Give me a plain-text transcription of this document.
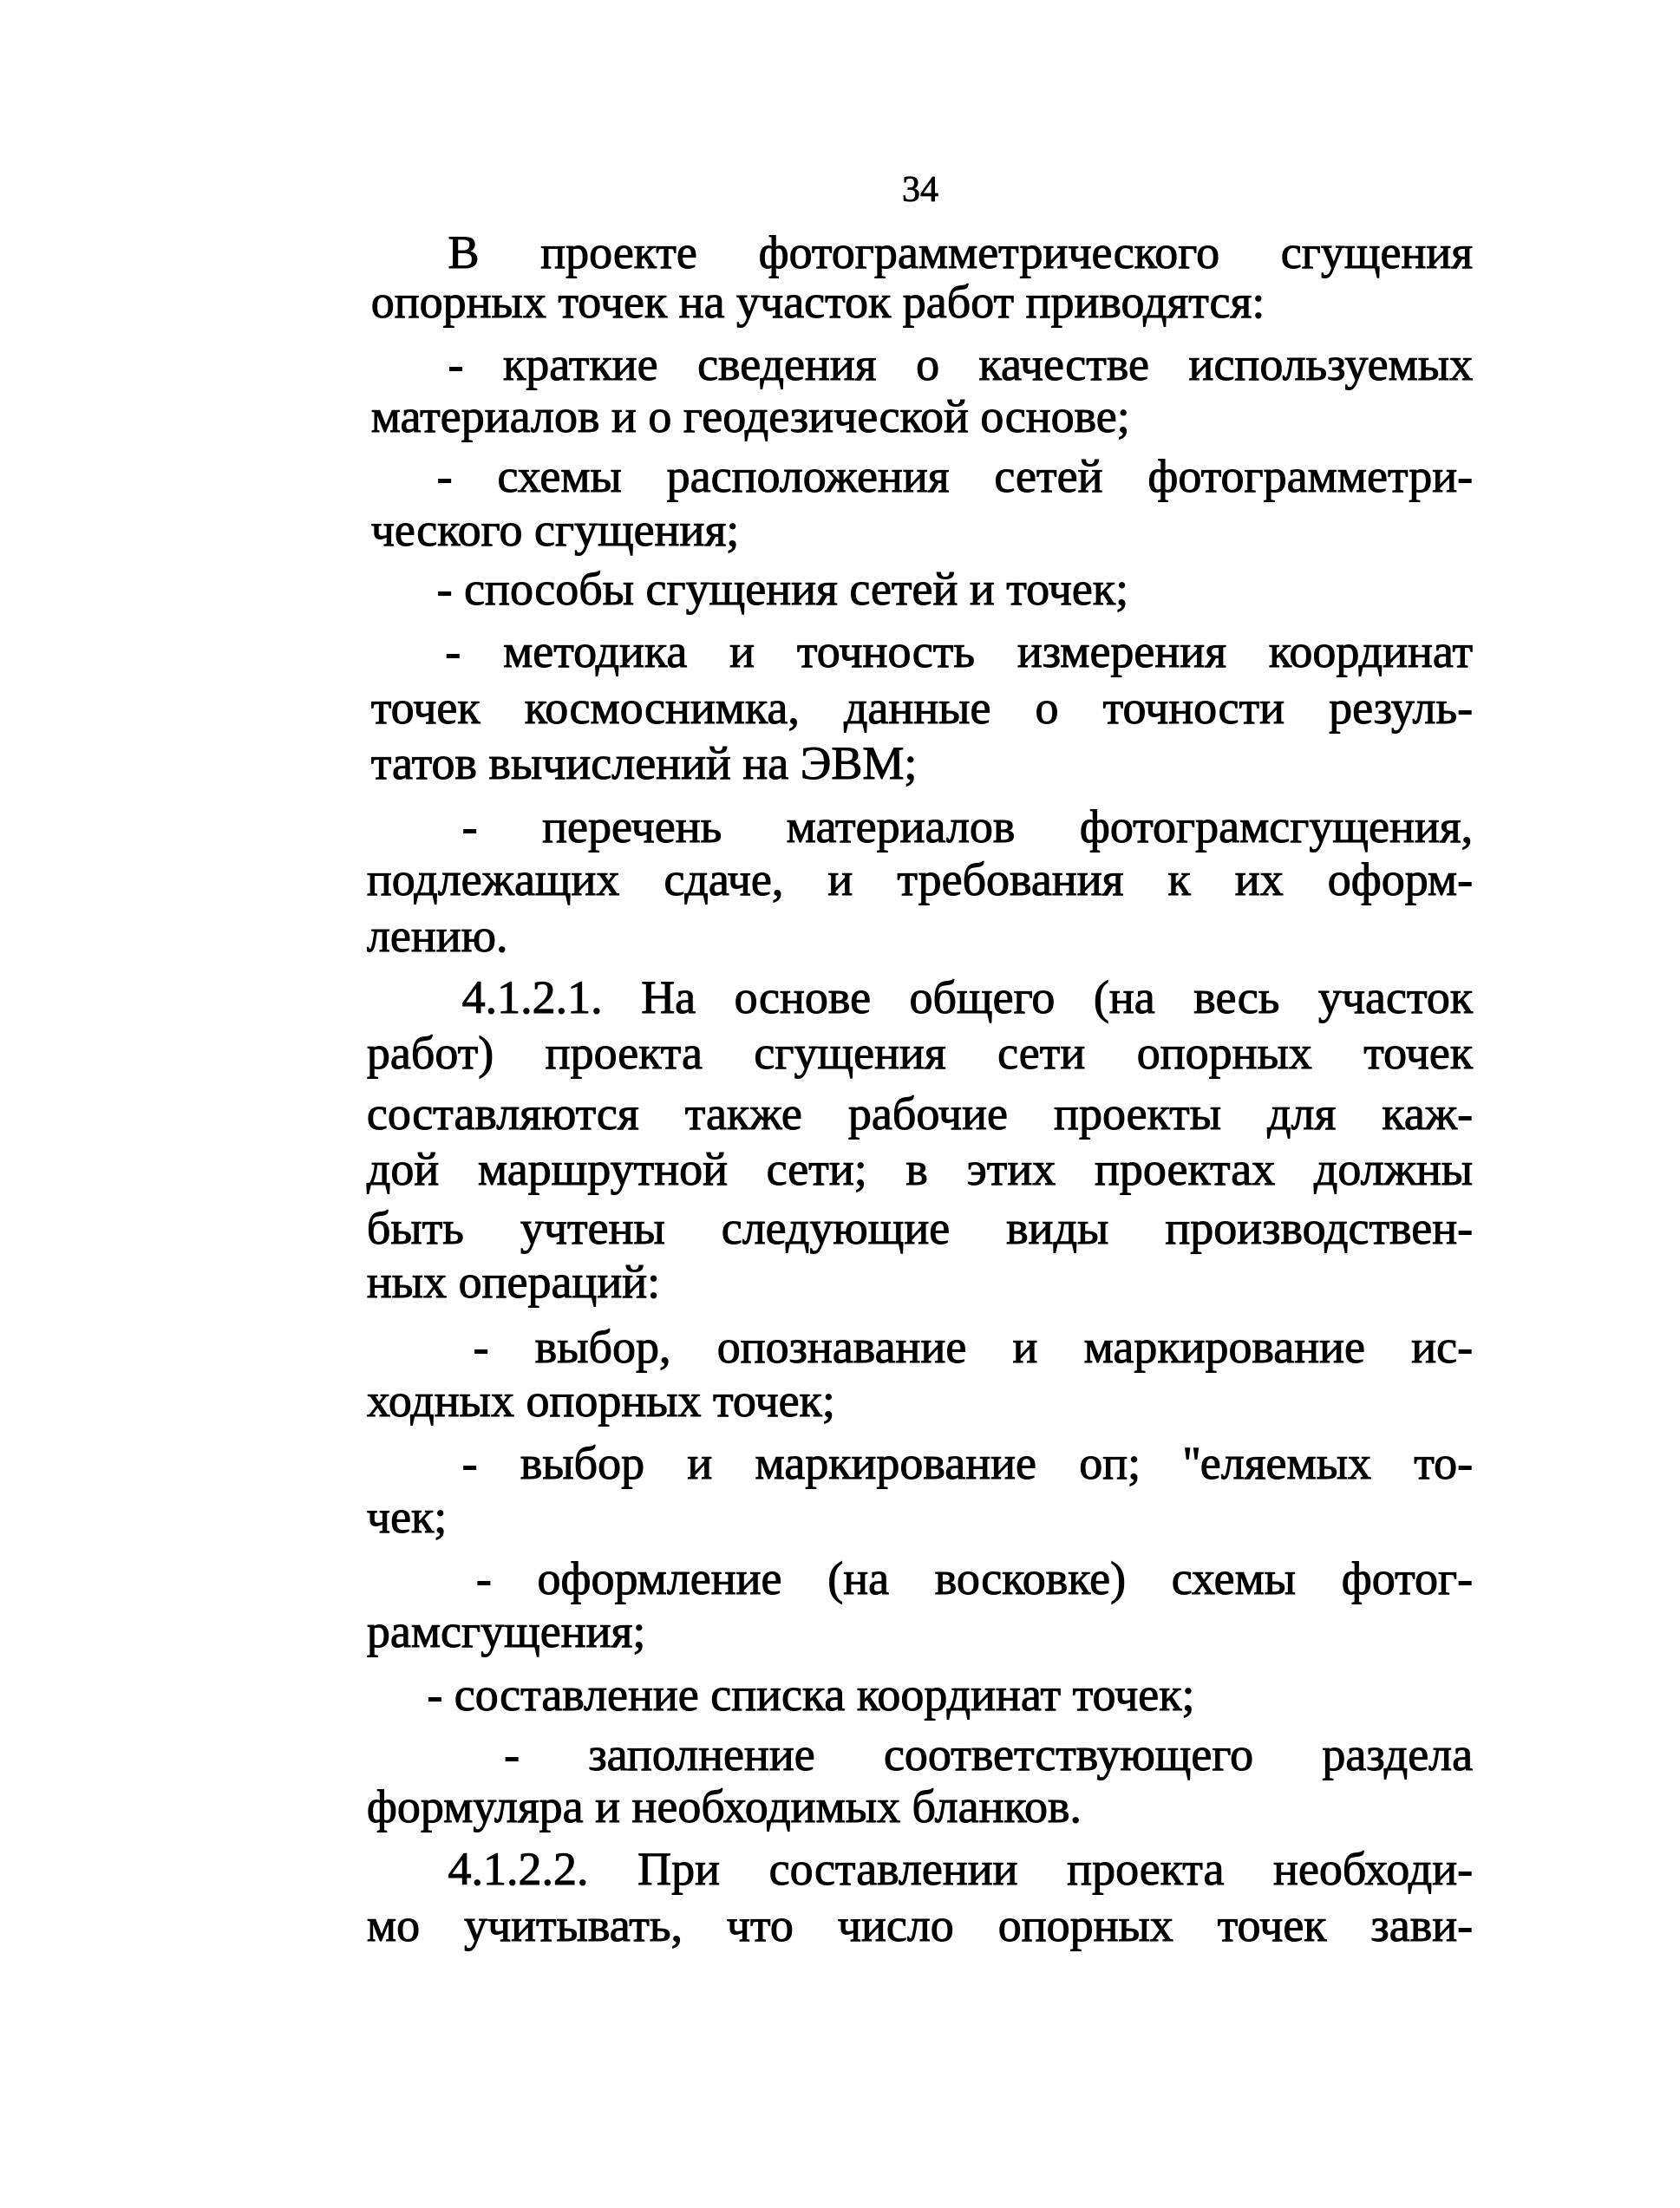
34
В проекте фотограмметрического сгущения
опорных точек на участок работ приводятся:
- краткие сведения о качестве используемых
материалов и о геодезической основе;
- схемы расположения сетей фотограмметри-
ческого сгущения;
- способы сгущения сетей и точек;
- методика и точность измерения координат
точек космоснимка, данные о точности резуль-
татов вычислений на ЭВМ;
- перечень материалов фотограмсгущения,
подлежащих сдаче, и требования к их оформ-
лению.
4.1.2.1. На основе общего (на весь участок
работ) проекта сгущения сети опорных точек
составляются также рабочие проекты для каж-
дой маршрутной сети; в этих проектах должны
быть учтены следующие виды производствен-
ных операций:
- выбор, опознавание и маркирование ис-
ходных опорных точек;
- выбор и маркирование оп; ''еляемых то-
чек;
- оформление (на восковке) схемы фотог-
рамсгущения;
- составление списка координат точек;
- заполнение соответствующего раздела
формуляра и необходимых бланков.
4.1.2.2. При составлении проекта необходи-
мо учитывать, что число опорных точек зави-
